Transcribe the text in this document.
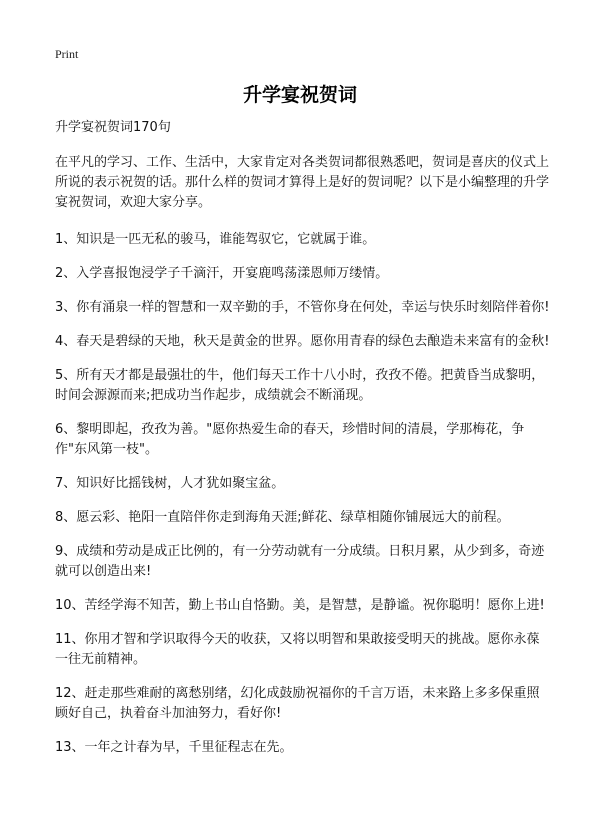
Print
升学宴祝贺词

升学宴祝贺词170句

在平凡的学习、工作、生活中，大家肯定对各类贺词都很熟悉吧，贺词是喜庆的仪式上所说的表示祝贺的话。那什么样的贺词才算得上是好的贺词呢？以下是小编整理的升学宴祝贺词，欢迎大家分享。

1、知识是一匹无私的骏马，谁能驾驭它，它就属于谁。

2、入学喜报饱浸学子千滴汗，开宴鹿鸣荡漾恩师万缕情。

3、你有涌泉一样的智慧和一双辛勤的手，不管你身在何处，幸运与快乐时刻陪伴着你!

4、春天是碧绿的天地，秋天是黄金的世界。愿你用青春的绿色去酿造未来富有的金秋!

5、所有天才都是最强壮的牛，他们每天工作十八小时，孜孜不倦。把黄昏当成黎明，时间会源源而来;把成功当作起步，成绩就会不断涌现。

6、黎明即起，孜孜为善。"愿你热爱生命的春天，珍惜时间的清晨，学那梅花，争作"东风第一枝"。

7、知识好比摇钱树，人才犹如聚宝盆。

8、愿云彩、艳阳一直陪伴你走到海角天涯;鲜花、绿草相随你铺展远大的前程。

9、成绩和劳动是成正比例的，有一分劳动就有一分成绩。日积月累，从少到多，奇迹就可以创造出来!

10、苦经学海不知苦，勤上书山自恪勤。美，是智慧，是静谧。祝你聪明！愿你上进!

11、你用才智和学识取得今天的收获，又将以明智和果敢接受明天的挑战。愿你永葆一往无前精神。

12、赶走那些难耐的离愁别绪，幻化成鼓励祝福你的千言万语，未来路上多多保重照顾好自己，执着奋斗加油努力，看好你!

13、一年之计春为早，千里征程志在先。
